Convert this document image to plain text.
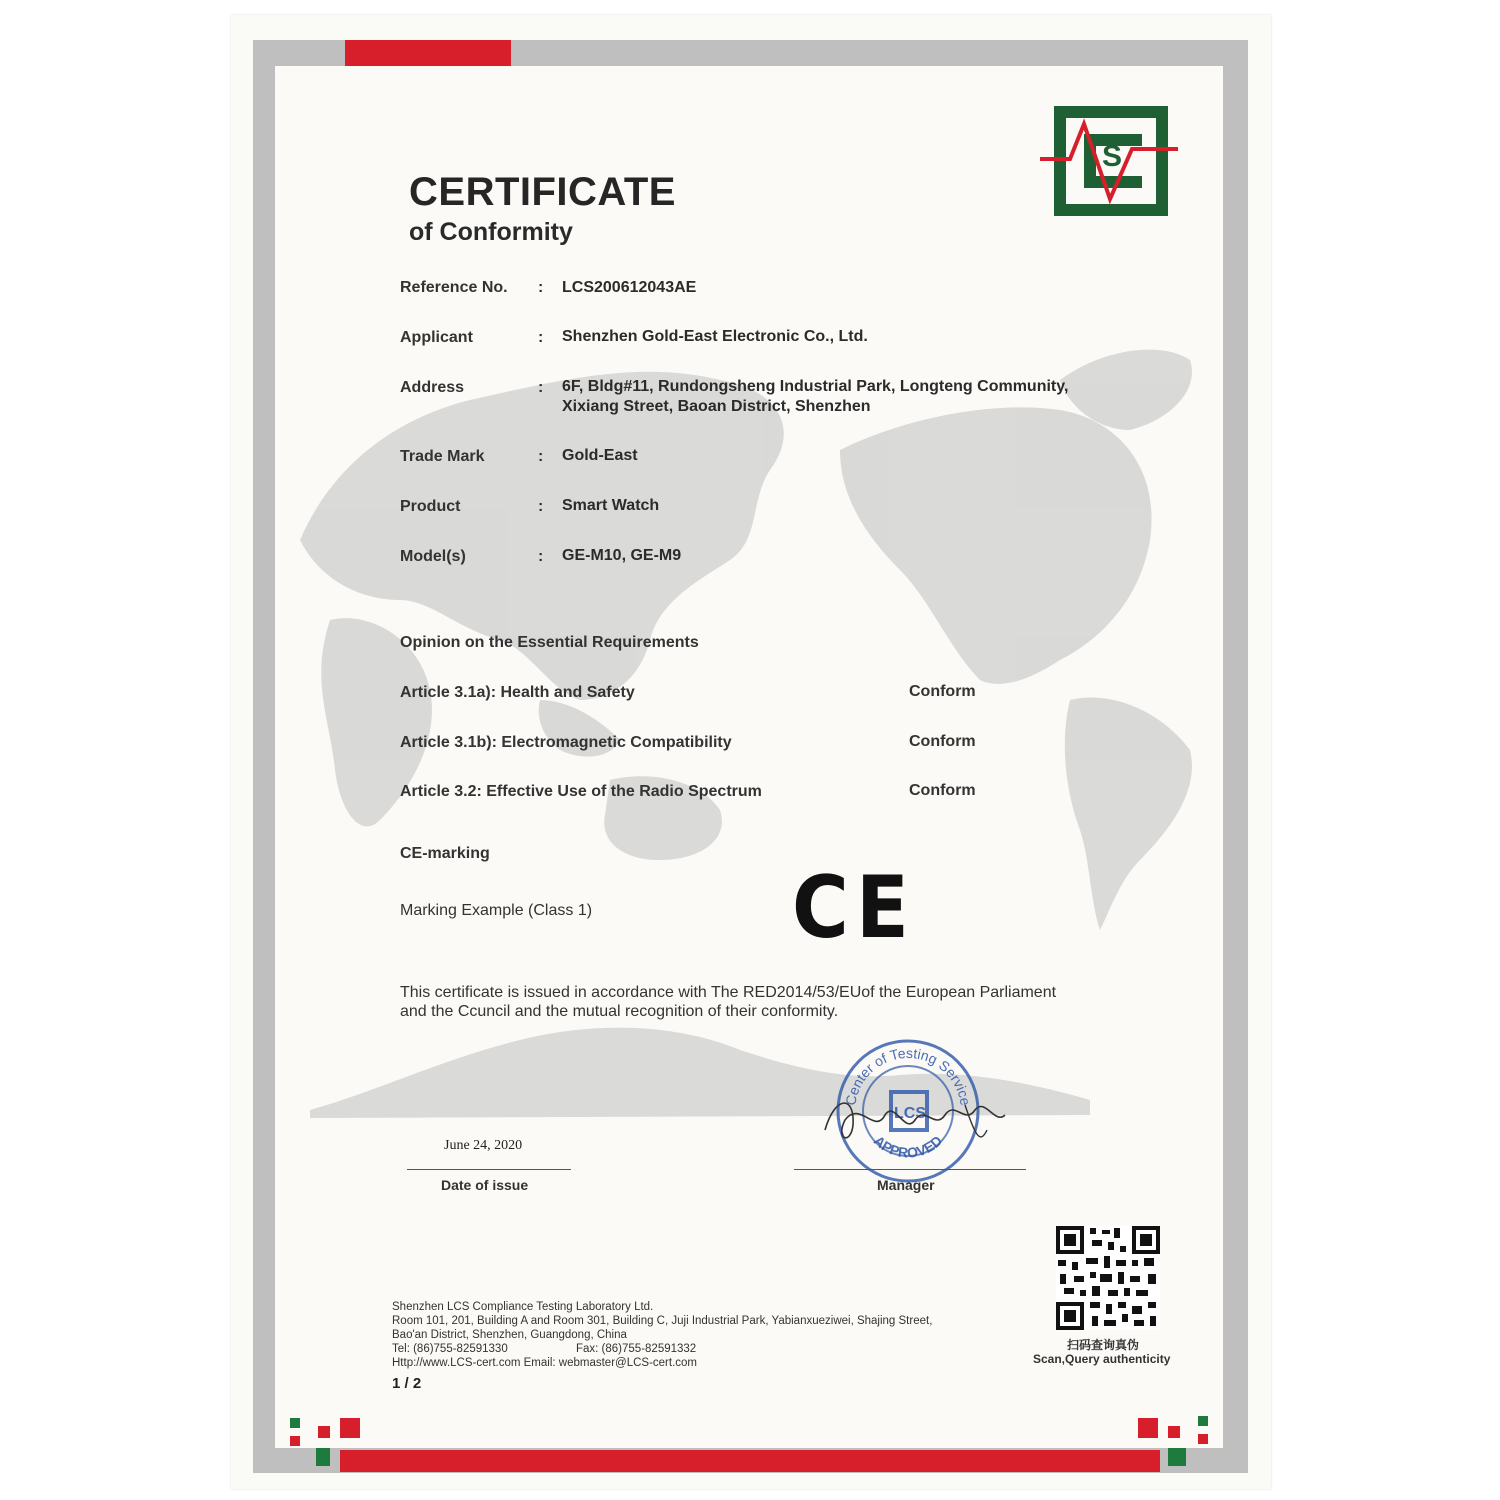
S
CERTIFICATE
of Conformity
Reference No. : LCS200612043AE
Applicant	: Shenzhen Gold-East Electronic Co., Ltd.
Address	: 6F, Bldg#11, Rundongsheng Industrial Park, Longteng Community,
Xixiang Street, Baoan District, Shenzhen
Trade Mark	: Gold-East
Product	: Smart Watch
Model(s)	: GE-M10, GE-M9
Opinion on the Essential Requirements
Article 3.1a): Health and Safety	Conform
Article 3.1b): Electromagnetic Compatibility	Conform
Article 3.2: Effective Use of the Radio Spectrum	Conform
CE-marking
Marking Example (Class 1) CE
This certificate is issued in accordance with The RED2014/53/EUof the European Parliament
and the Ccuncil and the mutual recognition of their conformity.
June 24, 2020
Date of issue	Manager
Center of Testing Service
APPROVED
LCS
扫码查询真伪
Scan,Query authenticity
Shenzhen LCS Compliance Testing Laboratory Ltd.
Room 101, 201, Building A and Room 301, Building C, Juji Industrial Park, Yabianxueziwei, Shajing Street,
Bao'an District, Shenzhen, Guangdong, China
Tel: (86)755-82591330	Fax: (86)755-82591332
Http://www.LCS-cert.com Email: webmaster@LCS-cert.com
1 / 2
